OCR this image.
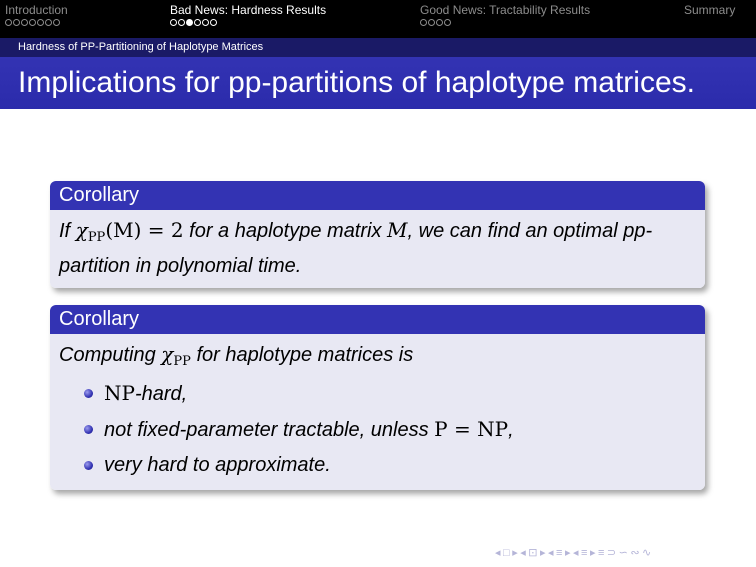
Introduction	Bad News: Hardness Results	Good News: Tractability Results	Summary
Hardness of PP-Partitioning of Haplotype Matrices
Implications for pp-partitions of haplotype matrices.
Corollary
If $\chi_{PP}(M) = 2$ for a haplotype matrix M, we can find an optimal pp-partition in polynomial time.
Corollary
Computing $\chi_{PP}$ for haplotype matrices is
NP-hard,
not fixed-parameter tractable, unless P = NP,
very hard to approximate.
◂ □ ▸ ◂ ⊡ ▸ ◂ ≡ ▸ ◂ ≡ ▸ ≡ ⊃ ∽ ∾ ∿
